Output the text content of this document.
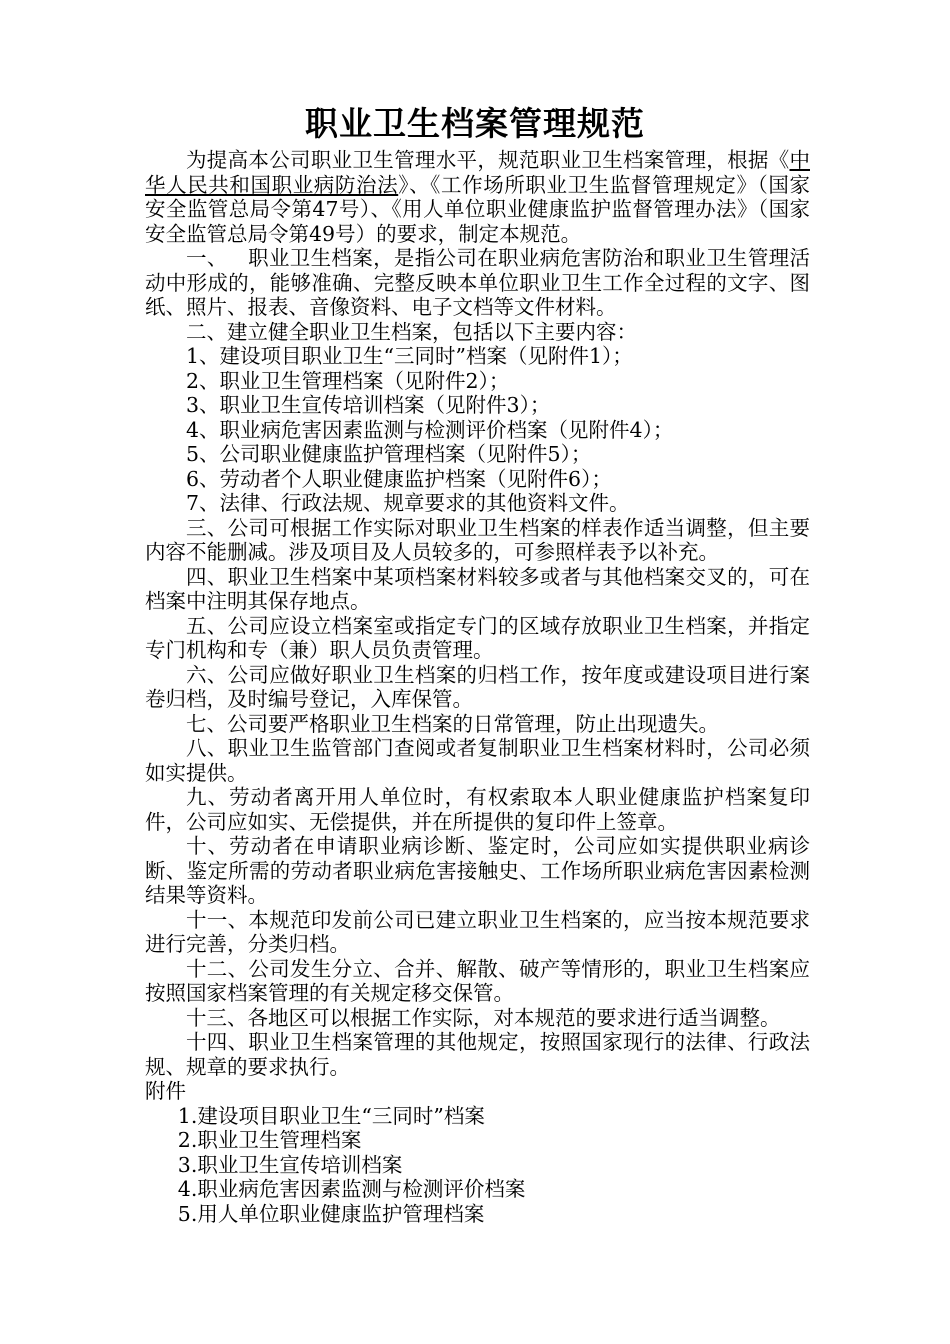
职业卫生档案管理规范

为提高本公司职业卫生管理水平，规范职业卫生档案管理，根据《中华人民共和国职业病防治法》、《工作场所职业卫生监督管理规定》（国家安全监管总局令第47号）、《用人单位职业健康监护监督管理办法》（国家安全监管总局令第49号）的要求，制定本规范。

一、   职业卫生档案，是指公司在职业病危害防治和职业卫生管理活动中形成的，能够准确、完整反映本单位职业卫生工作全过程的文字、图纸、照片、报表、音像资料、电子文档等文件材料。

二、建立健全职业卫生档案，包括以下主要内容：

1、建设项目职业卫生“三同时”档案（见附件1）；

2、职业卫生管理档案（见附件2）；

3、职业卫生宣传培训档案（见附件3）；

4、职业病危害因素监测与检测评价档案（见附件4）；

5、公司职业健康监护管理档案（见附件5）；

6、劳动者个人职业健康监护档案（见附件6）；

7、法律、行政法规、规章要求的其他资料文件。

三、公司可根据工作实际对职业卫生档案的样表作适当调整，但主要内容不能删减。涉及项目及人员较多的，可参照样表予以补充。

四、职业卫生档案中某项档案材料较多或者与其他档案交叉的，可在档案中注明其保存地点。

五、公司应设立档案室或指定专门的区域存放职业卫生档案，并指定专门机构和专（兼）职人员负责管理。

六、公司应做好职业卫生档案的归档工作，按年度或建设项目进行案卷归档，及时编号登记，入库保管。

七、公司要严格职业卫生档案的日常管理，防止出现遗失。

八、职业卫生监管部门查阅或者复制职业卫生档案材料时，公司必须如实提供。

九、劳动者离开用人单位时，有权索取本人职业健康监护档案复印件，公司应如实、无偿提供，并在所提供的复印件上签章。

十、劳动者在申请职业病诊断、鉴定时，公司应如实提供职业病诊断、鉴定所需的劳动者职业病危害接触史、工作场所职业病危害因素检测结果等资料。

十一、本规范印发前公司已建立职业卫生档案的，应当按本规范要求进行完善，分类归档。

十二、公司发生分立、合并、解散、破产等情形的，职业卫生档案应按照国家档案管理的有关规定移交保管。

十三、各地区可以根据工作实际，对本规范的要求进行适当调整。

十四、职业卫生档案管理的其他规定，按照国家现行的法律、行政法规、规章的要求执行。

附件

1.建设项目职业卫生“三同时”档案

2.职业卫生管理档案

3.职业卫生宣传培训档案

4.职业病危害因素监测与检测评价档案

5.用人单位职业健康监护管理档案
